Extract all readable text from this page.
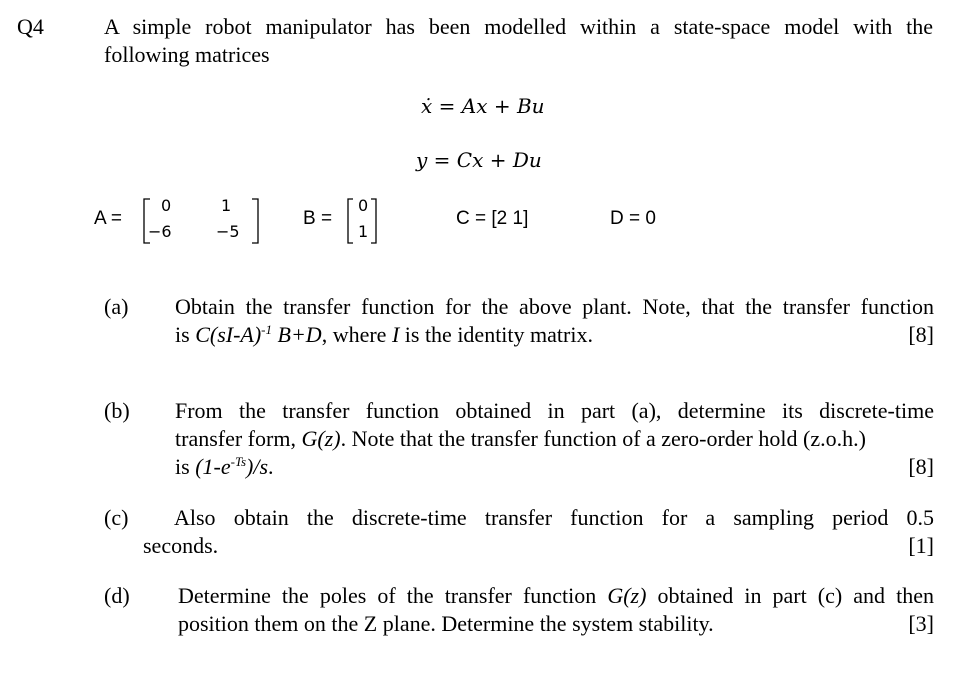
Q4	A simple robot manipulator has been modelled within a state-space model with the
following matrices
ẋ = Ax + Bu
y = Cx + Du
A =
0	1
−6	−5
B =
0
1
C = [2 1]	D = 0
(a) Obtain the transfer function for the above plant. Note, that the transfer function
is $C(sI-A)^{-1}$ B+D, where I is the identity matrix.	[8]
(b) From the transfer function obtained in part (a), determine its discrete-time
transfer form, G(z). Note that the transfer function of a zero-order hold (z.o.h.)
is $(1-e^{-Ts})/s$.	[8]
(c) Also obtain the discrete-time transfer function for a sampling period 0.5
seconds.	[1]
(d) Determine the poles of the transfer function G(z) obtained in part (c) and then
position them on the Z plane. Determine the system stability.	[3]
